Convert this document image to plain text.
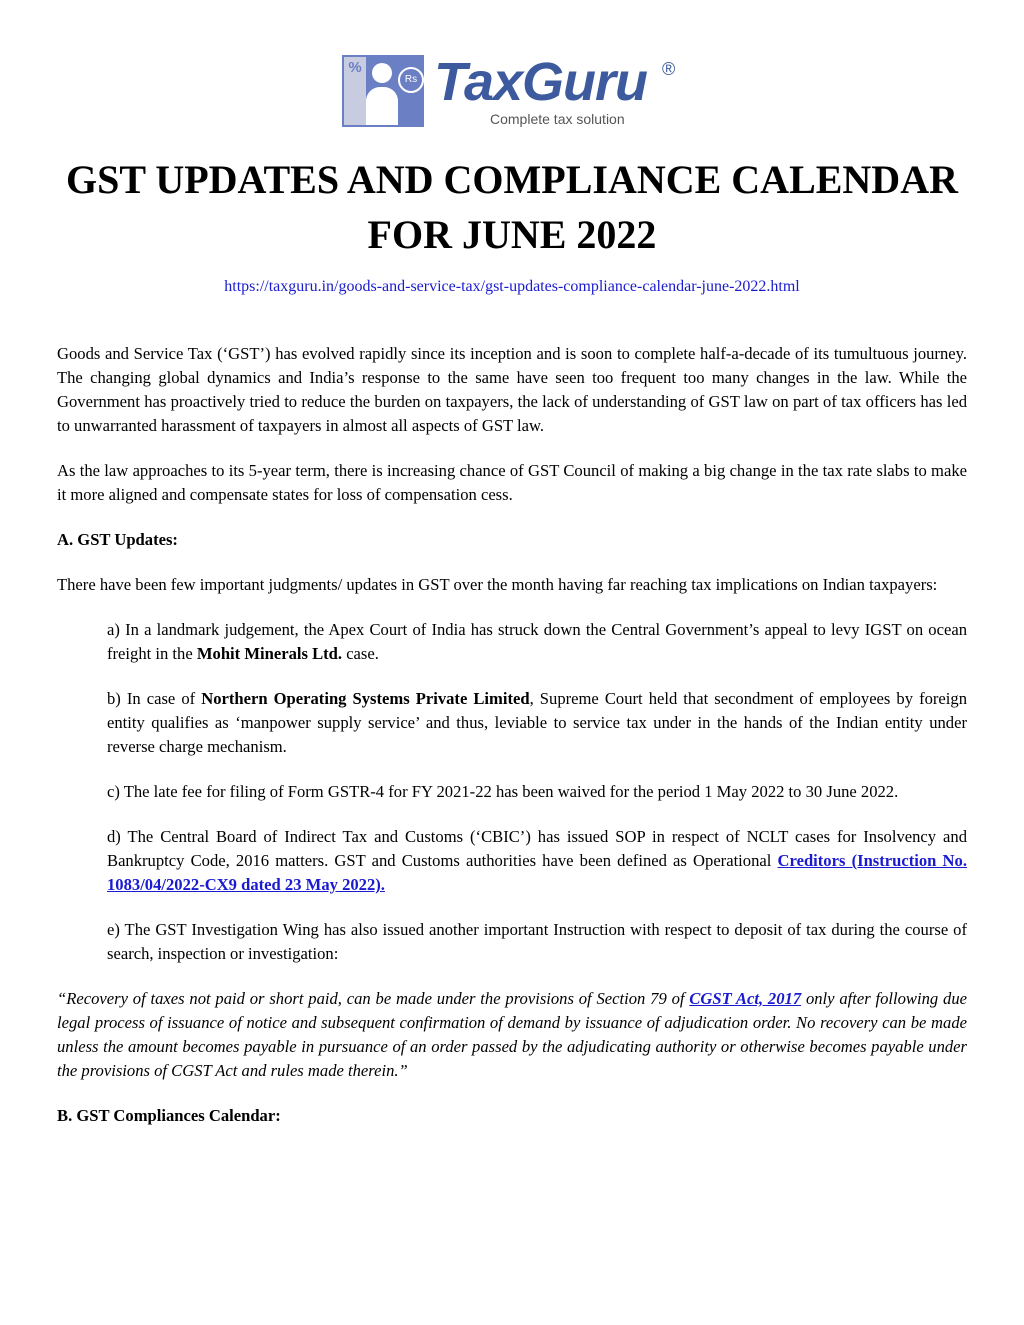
%
Rs TaxGuru ®
Complete tax solution
GST UPDATES AND COMPLIANCE CALENDAR FOR JUNE 2022
https://taxguru.in/goods-and-service-tax/gst-updates-compliance-calendar-june-2022.html

Goods and Service Tax (‘GST’) has evolved rapidly since its inception and is soon to complete half-a-decade of its tumultuous journey. The changing global dynamics and India’s response to the same have seen too frequent too many changes in the law. While the Government has proactively tried to reduce the burden on taxpayers, the lack of understanding of GST law on part of tax officers has led to unwarranted harassment of taxpayers in almost all aspects of GST law.

As the law approaches to its 5-year term, there is increasing chance of GST Council of making a big change in the tax rate slabs to make it more aligned and compensate states for loss of compensation cess.

A. GST Updates:

There have been few important judgments/ updates in GST over the month having far reaching tax implications on Indian taxpayers:

a) In a landmark judgement, the Apex Court of India has struck down the Central Government’s appeal to levy IGST on ocean freight in the Mohit Minerals Ltd. case.

b) In case of Northern Operating Systems Private Limited, Supreme Court held that secondment of employees by foreign entity qualifies as ‘manpower supply service’ and thus, leviable to service tax under in the hands of the Indian entity under reverse charge mechanism.

c) The late fee for filing of Form GSTR-4 for FY 2021-22 has been waived for the period 1 May 2022 to 30 June 2022.

d) The Central Board of Indirect Tax and Customs (‘CBIC’) has issued SOP in respect of NCLT cases for Insolvency and Bankruptcy Code, 2016 matters. GST and Customs authorities have been defined as Operational Creditors (Instruction No. 1083/04/2022-CX9 dated 23 May 2022).

e) The GST Investigation Wing has also issued another important Instruction with respect to deposit of tax during the course of search, inspection or investigation:

“Recovery of taxes not paid or short paid, can be made under the provisions of Section 79 of CGST Act, 2017 only after following due legal process of issuance of notice and subsequent confirmation of demand by issuance of adjudication order. No recovery can be made unless the amount becomes payable in pursuance of an order passed by the adjudicating authority or otherwise becomes payable under the provisions of CGST Act and rules made therein.”

B. GST Compliances Calendar:
